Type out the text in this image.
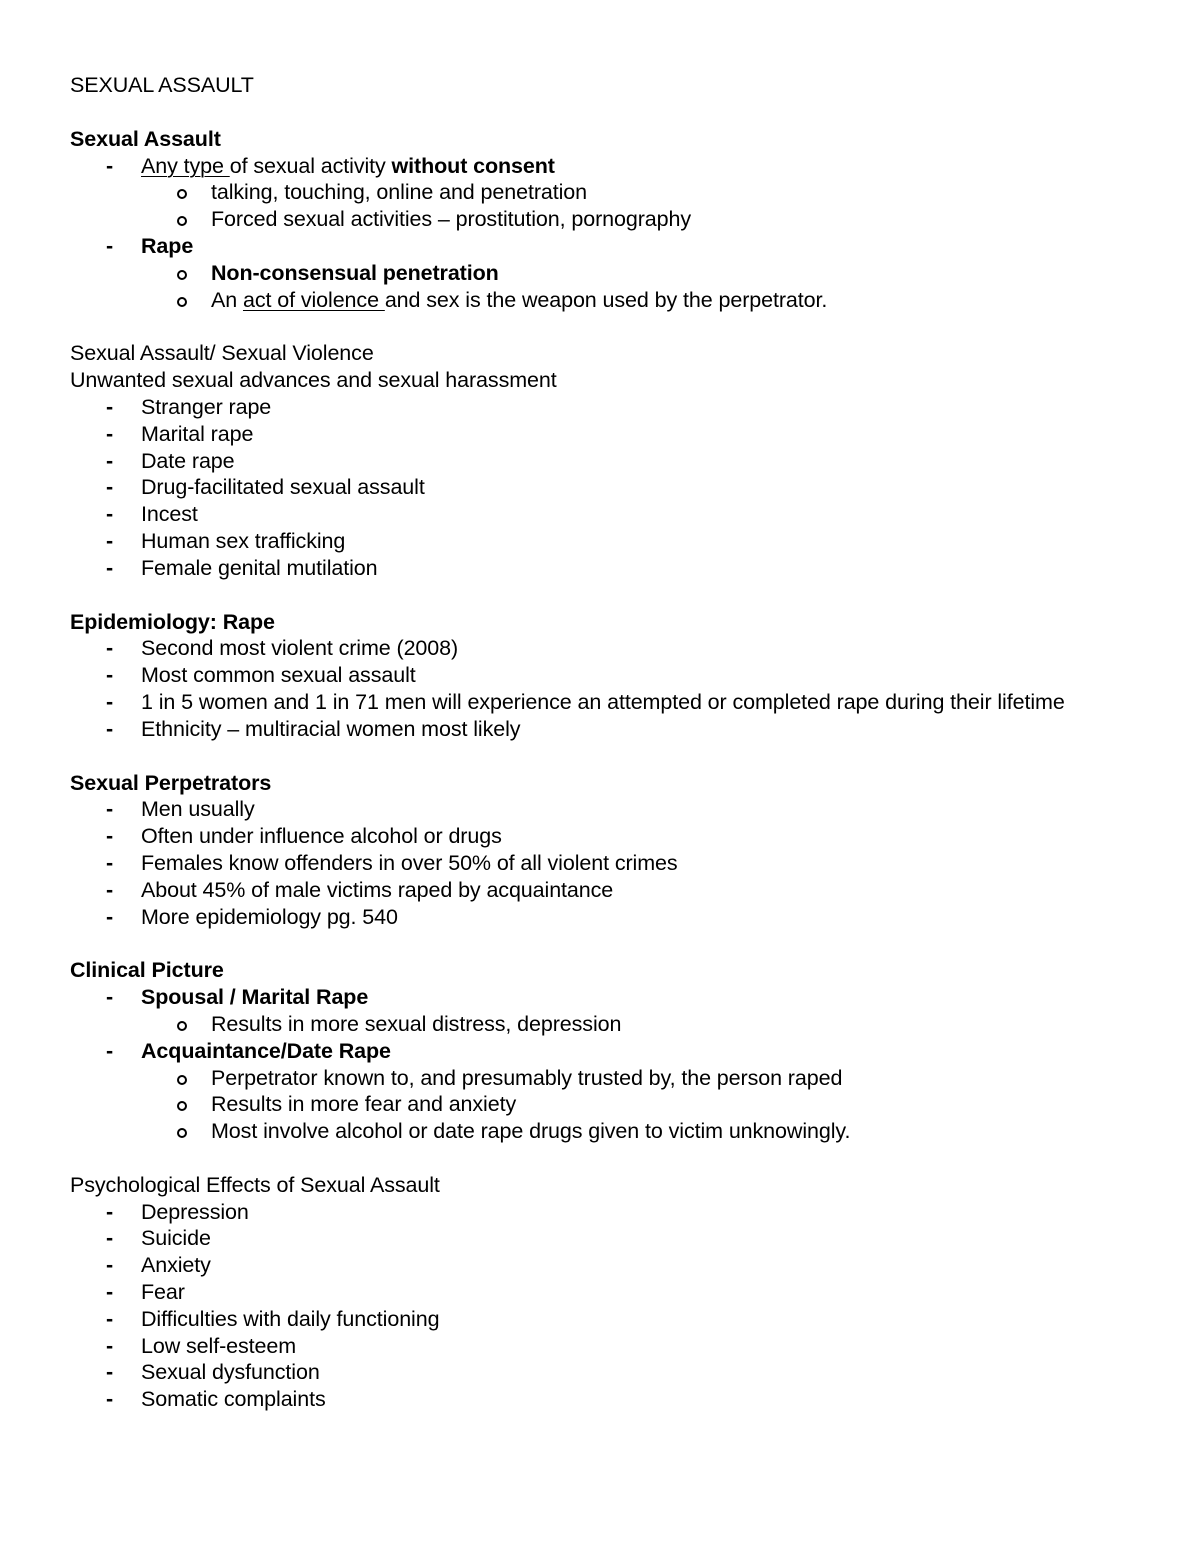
SEXUAL ASSAULT
Sexual Assault
- Any type of sexual activity without consent
talking, touching, online and penetration
Forced sexual activities – prostitution, pornography
- Rape
Non-consensual penetration
An act of violence and sex is the weapon used by the perpetrator.
Sexual Assault/ Sexual Violence
Unwanted sexual advances and sexual harassment
- Stranger rape
- Marital rape
- Date rape
- Drug-facilitated sexual assault
- Incest
- Human sex trafficking
- Female genital mutilation
Epidemiology: Rape
- Second most violent crime (2008)
- Most common sexual assault
- 1 in 5 women and 1 in 71 men will experience an attempted or completed rape during their lifetime
- Ethnicity – multiracial women most likely
Sexual Perpetrators
- Men usually
- Often under influence alcohol or drugs
- Females know offenders in over 50% of all violent crimes
- About 45% of male victims raped by acquaintance
- More epidemiology pg. 540
Clinical Picture
- Spousal / Marital Rape
Results in more sexual distress, depression
- Acquaintance/Date Rape
Perpetrator known to, and presumably trusted by, the person raped
Results in more fear and anxiety
Most involve alcohol or date rape drugs given to victim unknowingly.
Psychological Effects of Sexual Assault
- Depression
- Suicide
- Anxiety
- Fear
- Difficulties with daily functioning
- Low self-esteem
- Sexual dysfunction
- Somatic complaints
